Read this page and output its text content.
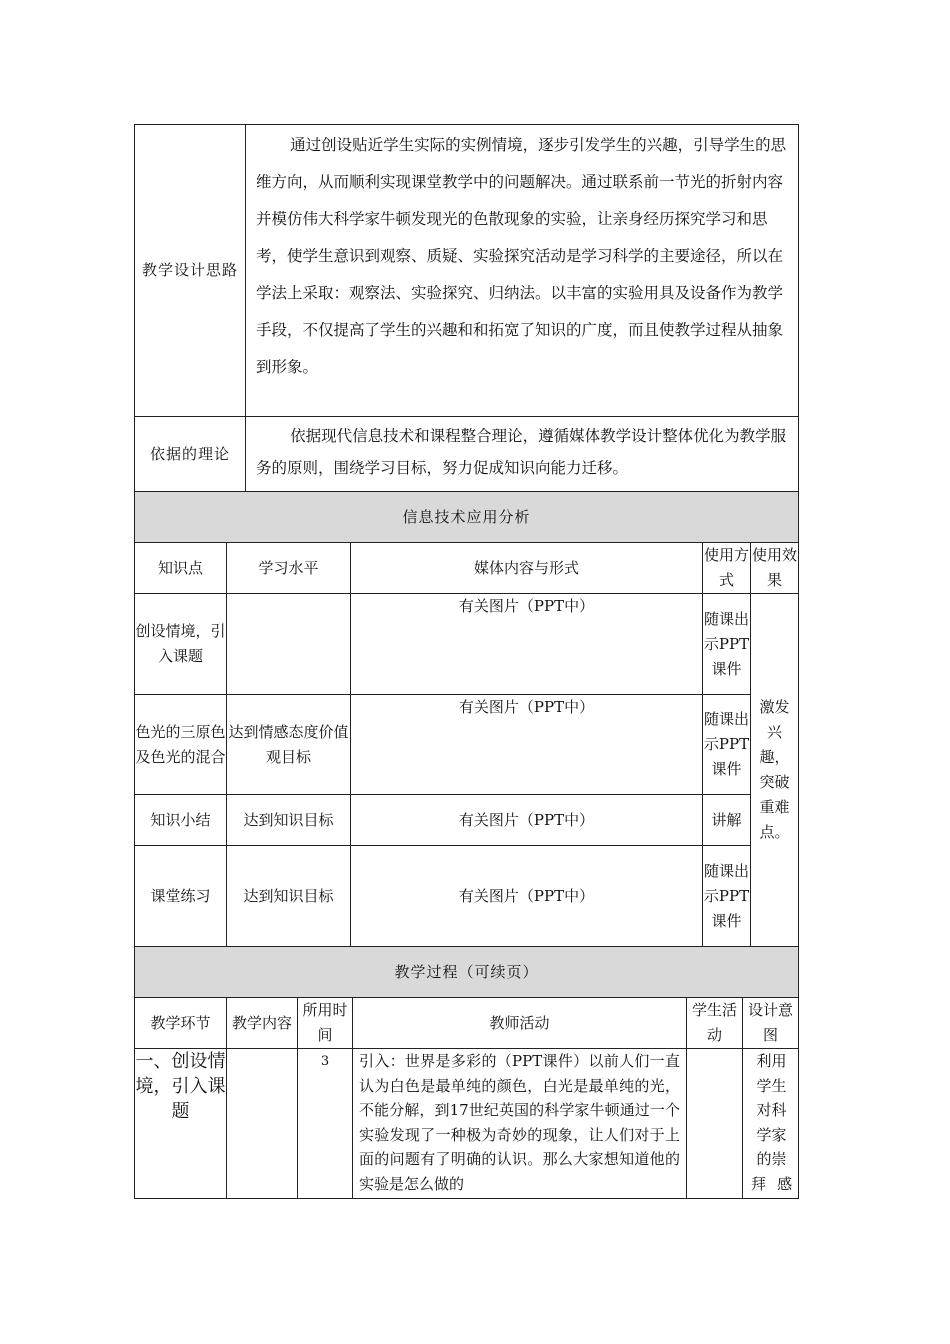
教学设计思路		通过创设贴近学生实际的实例情境，逐步引发学生的兴趣，引导学生的思维方向，从而顺利实现课堂教学中的问题解决。通过联系前一节光的折射内容并模仿伟大科学家牛顿发现光的色散现象的实验，让亲身经历探究学习和思考，使学生意识到观察、质疑、实验探究活动是学习科学的主要途径，所以在学法上采取：观察法、实验探究、归纳法。以丰富的实验用具及设备作为教学手段，不仅提高了学生的兴趣和和拓宽了知识的广度，而且使教学过程从抽象到形象。			
依据的理论		依据现代信息技术和课程整合理论，遵循媒体教学设计整体优化为教学服务的原则，围绕学习目标，努力促成知识向能力迁移。			
信息技术应用分析					
知识点	学习水平		媒体内容与形式	使用方式	使用效果
创设情境，引入课题			有关图片（PPT中）	随课出示PPT课件	激发兴趣，突破重难点。
色光的三原色及色光的混合	达到情感态度价值观目标		有关图片（PPT中）	随课出示PPT课件	
知识小结	达到知识目标		有关图片（PPT中）	讲解	
课堂练习	达到知识目标		有关图片（PPT中）	随课出示PPT课件	
教学过程（可续页）					
教学环节	教学内容	所用时间	教师活动	学生活动	设计意图
一、创设情境，引入课题		3	引入：世界是多彩的（PPT课件）以前人们一直认为白色是最单纯的颜色，白光是最单纯的光，不能分解，到17世纪英国的科学家牛顿通过一个实验发现了一种极为奇妙的现象，让人们对于上面的问题有了明确的认识。那么大家想知道他的实验是怎么做的		利用学生对科学家的崇拜感
